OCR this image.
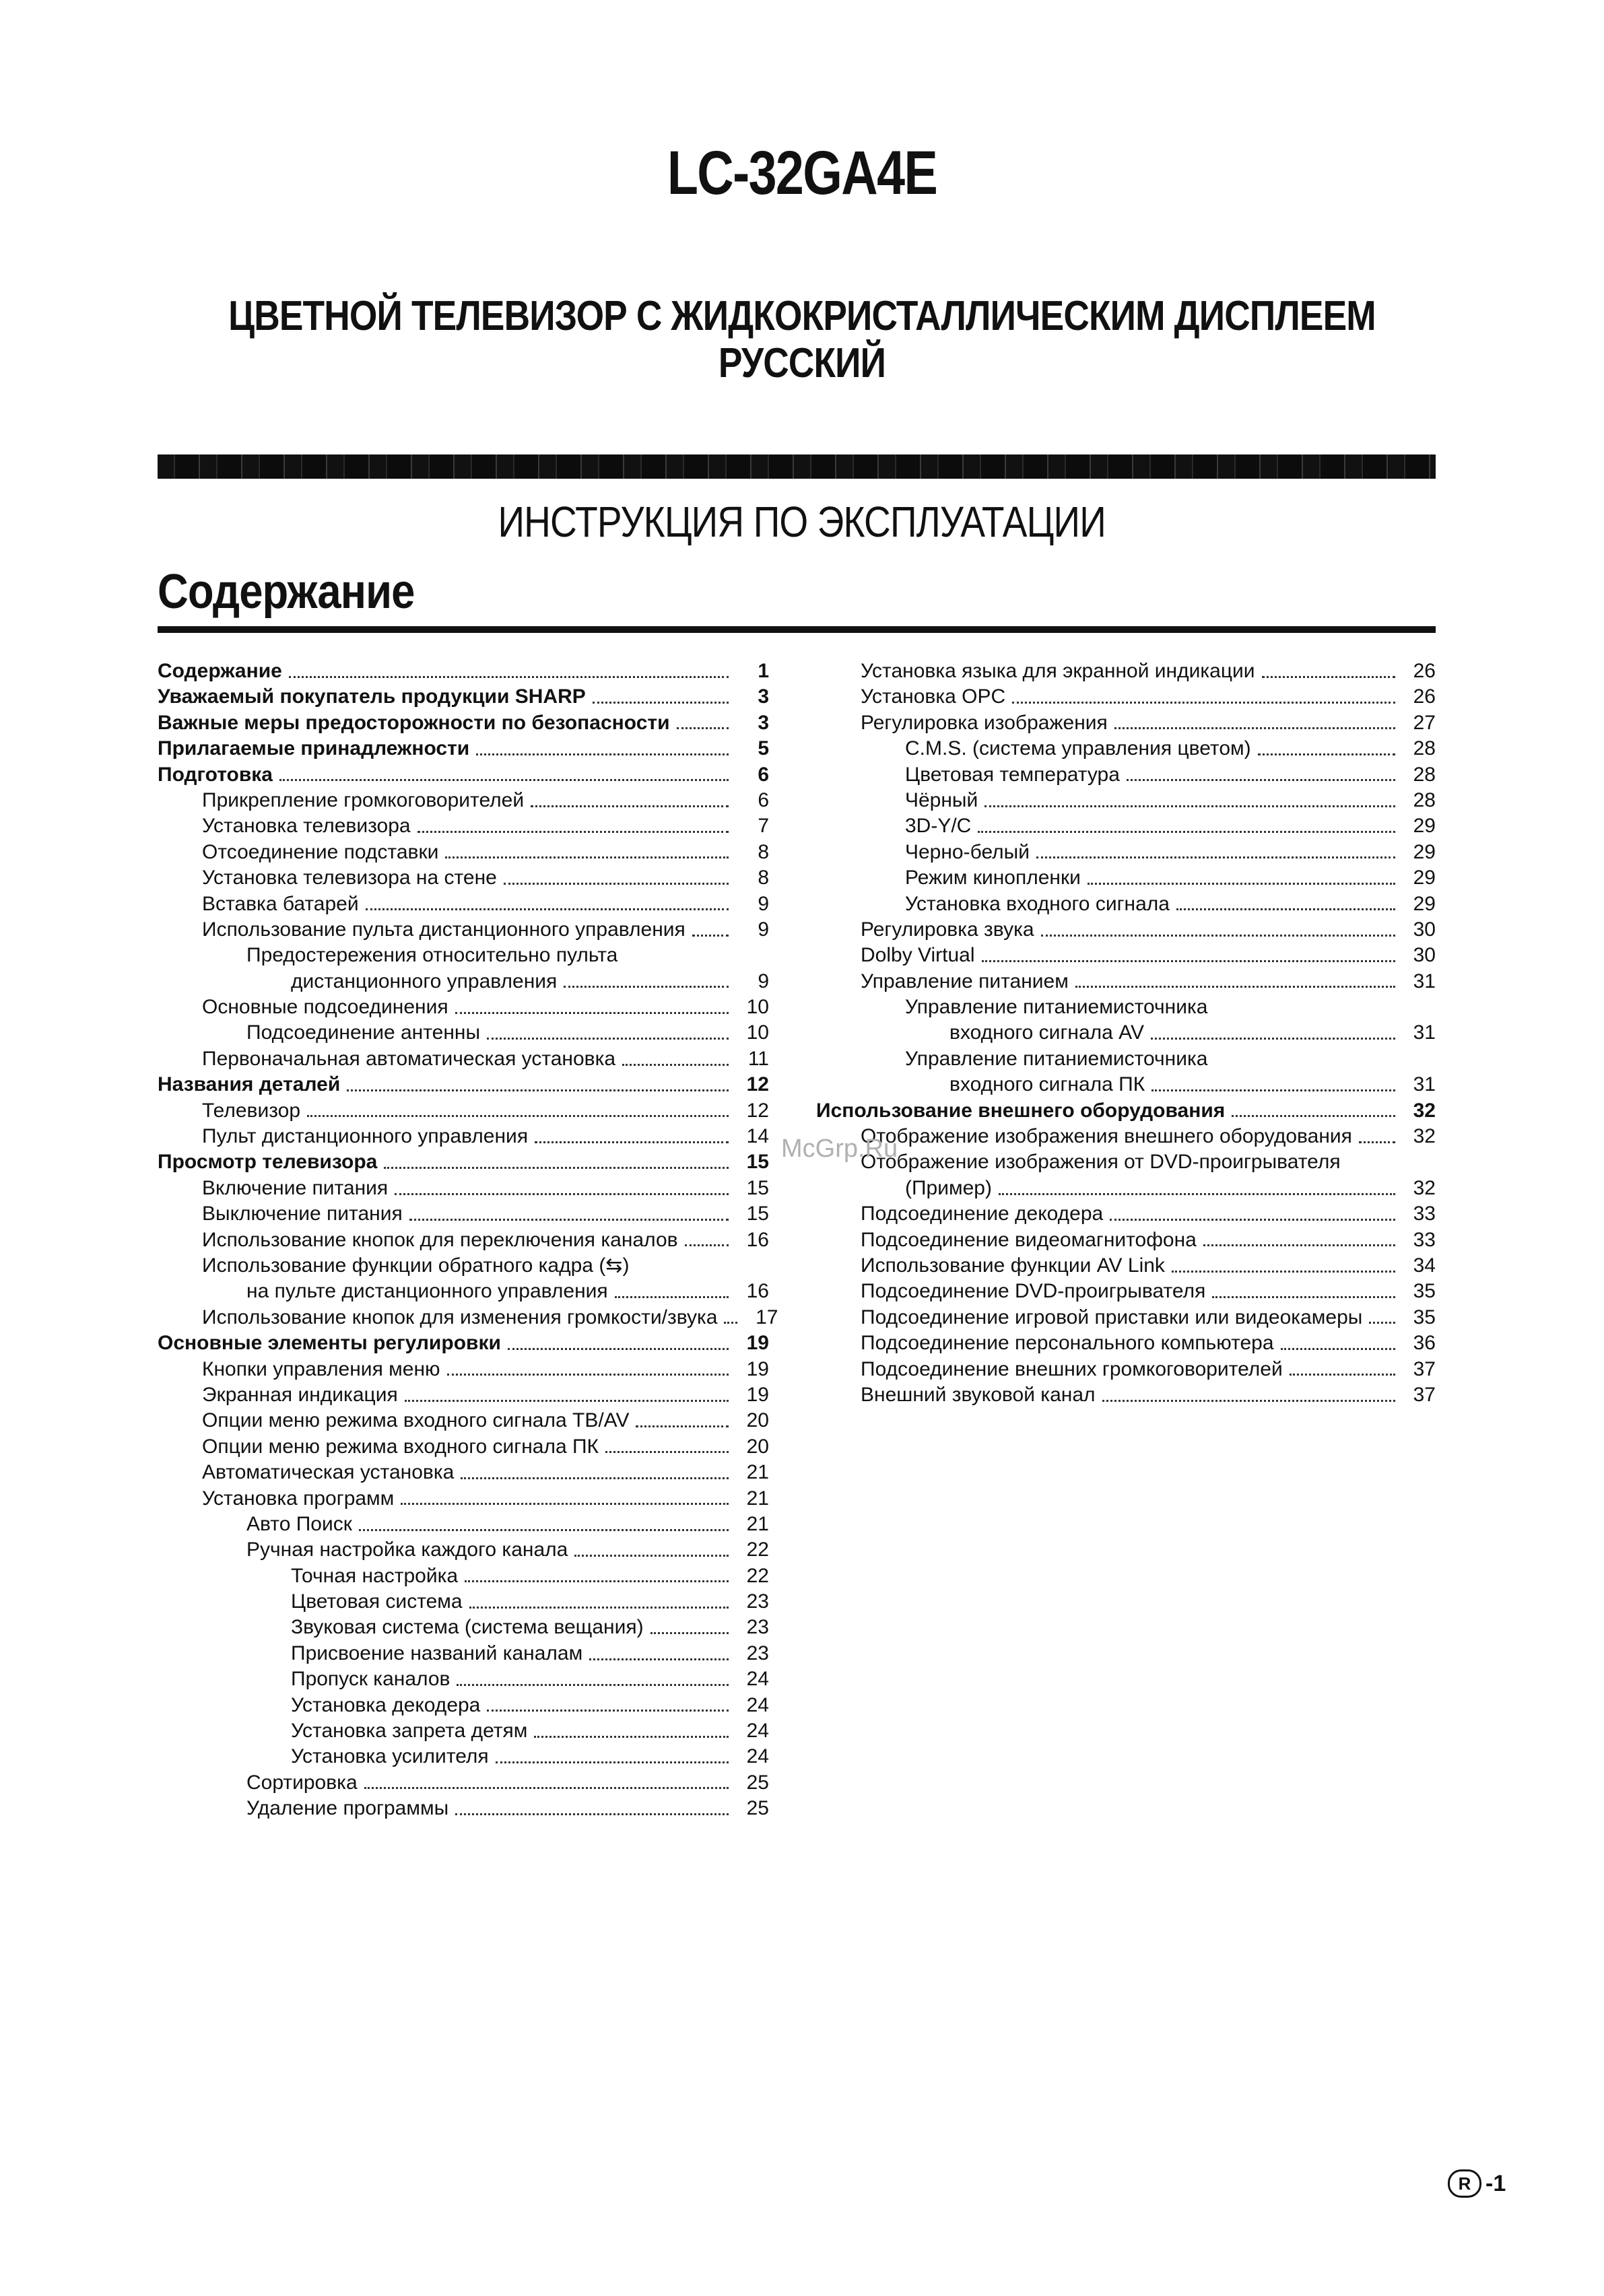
LC-32GA4E
ЦВЕТНОЙ ТЕЛЕВИЗОР С ЖИДКОКРИСТАЛЛИЧЕСКИМ ДИСПЛЕЕМ
РУССКИЙ
ИНСТРУКЦИЯ ПО ЭКСПЛУАТАЦИИ
Содержание
Содержание	1
Уважаемый покупатель продукции SHARP	3
Важные меры предосторожности по безопасности	3
Прилагаемые принадлежности	5
Подготовка	6
Прикрепление громкоговорителей	6
Установка телевизора	7
Отсоединение подставки	8
Установка телевизора на стене	8
Вставка батарей	9
Использование пульта дистанционного управления	9
Предостережения относительно пульта
дистанционного управления	9
Основные подсоединения	10
Подсоединение антенны	10
Первоначальная автоматическая установка	11
Названия деталей	12
Телевизор	12
Пульт дистанционного управления	14
Просмотр телевизора	15
Включение питания	15
Выключение питания	15
Использование кнопок для переключения каналов	16
Использование функции обратного кадра (⇆)
на пульте дистанционного управления	16
Использование кнопок для изменения громкости/звука	17
Основные элементы регулировки	19
Кнопки управления меню	19
Экранная индикация	19
Опции меню режима входного сигнала ТВ/AV	20
Опции меню режима входного сигнала ПК	20
Автоматическая установка	21
Установка программ	21
Авто Поиск	21
Ручная настройка каждого канала	22
Точная настройка	22
Цветовая система	23
Звуковая система (система вещания)	23
Присвоение названий каналам	23
Пропуск каналов	24
Установка декодера	24
Установка запрета детям	24
Установка усилителя	24
Сортировка	25
Удаление программы	25
Установка языка для экранной индикации	26
Установка OPC	26
Регулировка изображения	27
C.M.S. (система управления цветом)	28
Цветовая температура	28
Чёрный	28
3D-Y/C	29
Черно-белый	29
Режим кинопленки	29
Установка входного сигнала	29
Регулировка звука	30
Dolby Virtual	30
Управление питанием	31
Управление питаниемисточника
входного сигнала AV	31
Управление питаниемисточника
входного сигнала ПК	31
Использование внешнего оборудования	32
Отображение изображения внешнего оборудования	32
Отображение изображения от DVD-проигрывателя
(Пример)	32
Подсоединение декодера	33
Подсоединение видеомагнитофона	33
Использование функции AV Link	34
Подсоединение DVD-проигрывателя	35
Подсоединение игровой приставки или видеокамеры	35
Подсоединение персонального компьютера	36
Подсоединение внешних громкоговорителей	37
Внешний звуковой канал	37
McGrp.Ru
R -1
